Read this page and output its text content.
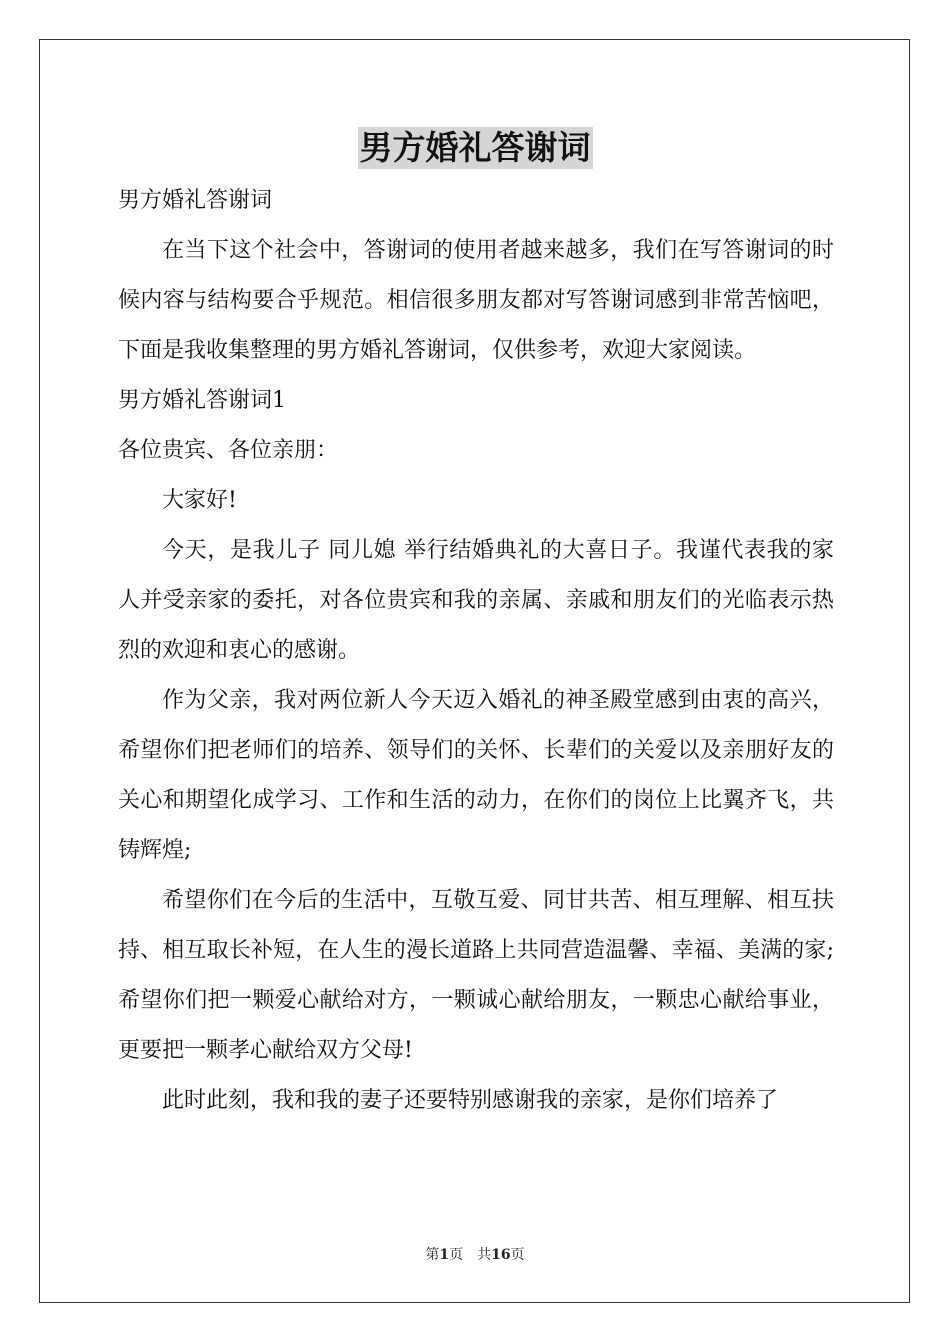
男方婚礼答谢词

男方婚礼答谢词

在当下这个社会中，答谢词的使用者越来越多，我们在写答谢词的时候内容与结构要合乎规范。相信很多朋友都对写答谢词感到非常苦恼吧，下面是我收集整理的男方婚礼答谢词，仅供参考，欢迎大家阅读。

男方婚礼答谢词1

各位贵宾、各位亲朋：

大家好!

今天，是我儿子 同儿媳 举行结婚典礼的大喜日子。我谨代表我的家人并受亲家的委托，对各位贵宾和我的亲属、亲戚和朋友们的光临表示热烈的欢迎和衷心的感谢。

作为父亲，我对两位新人今天迈入婚礼的神圣殿堂感到由衷的高兴，希望你们把老师们的培养、领导们的关怀、长辈们的关爱以及亲朋好友的关心和期望化成学习、工作和生活的动力，在你们的岗位上比翼齐飞，共铸辉煌;

希望你们在今后的生活中，互敬互爱、同甘共苦、相互理解、相互扶持、相互取长补短，在人生的漫长道路上共同营造温馨、幸福、美满的家;希望你们把一颗爱心献给对方，一颗诚心献给朋友，一颗忠心献给事业，更要把一颗孝心献给双方父母!

此时此刻，我和我的妻子还要特别感谢我的亲家，是你们培养了

第1页　共16页
